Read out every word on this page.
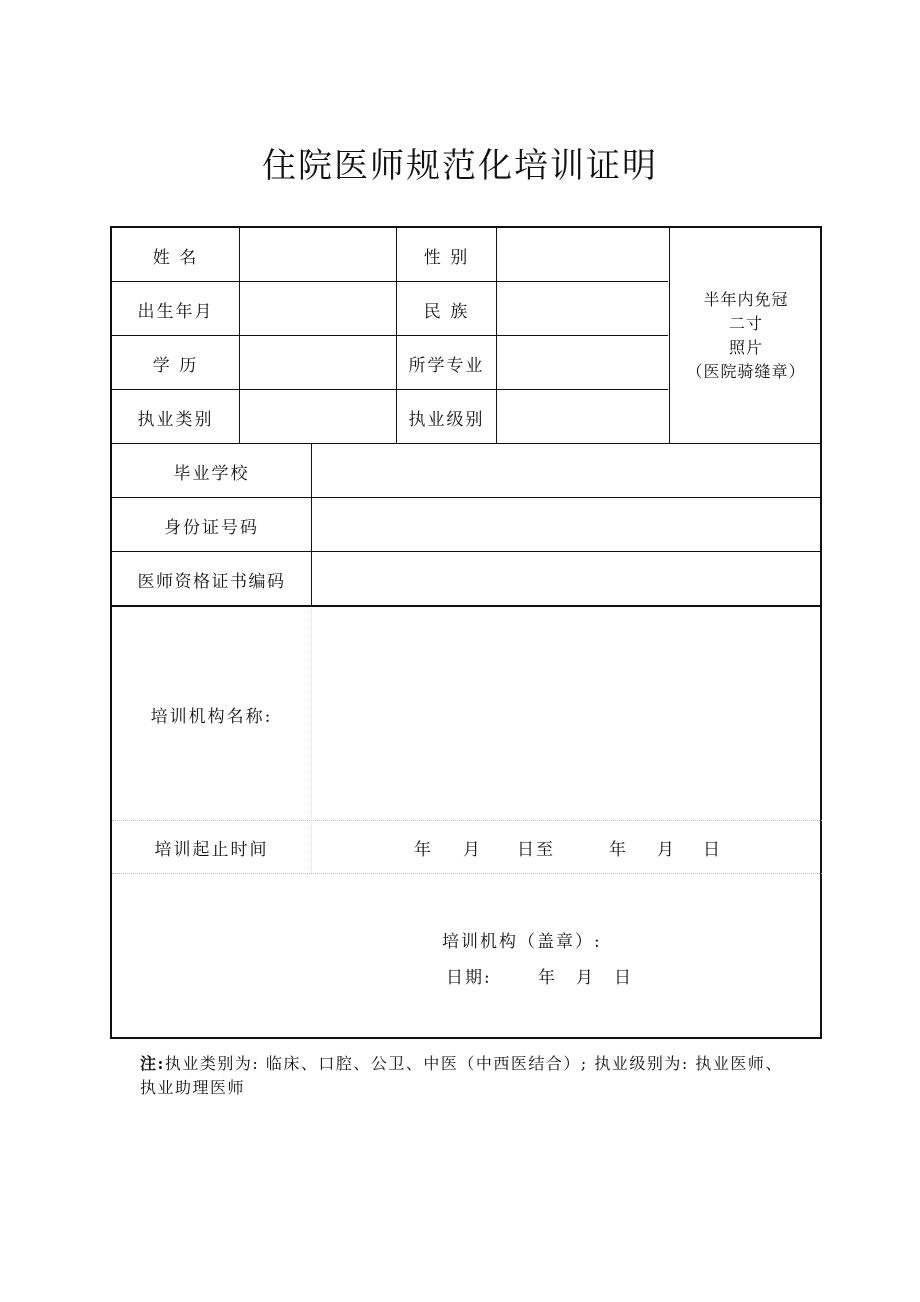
住院医师规范化培训证明
姓 名	性 别
出生年月	民 族
学 历	所学专业
执业类别	执业级别
半年内免冠
二寸
照片
（医院骑缝章）
毕业学校
身份证号码
医师资格证书编码
培训机构名称:
培训起止时间	年 月 日至	年 月 日
培训机构（盖章）:
日期:	年 月 日
注:执业类别为: 临床、口腔、公卫、中医（中西医结合）; 执业级别为: 执业医师、执业助理医师
